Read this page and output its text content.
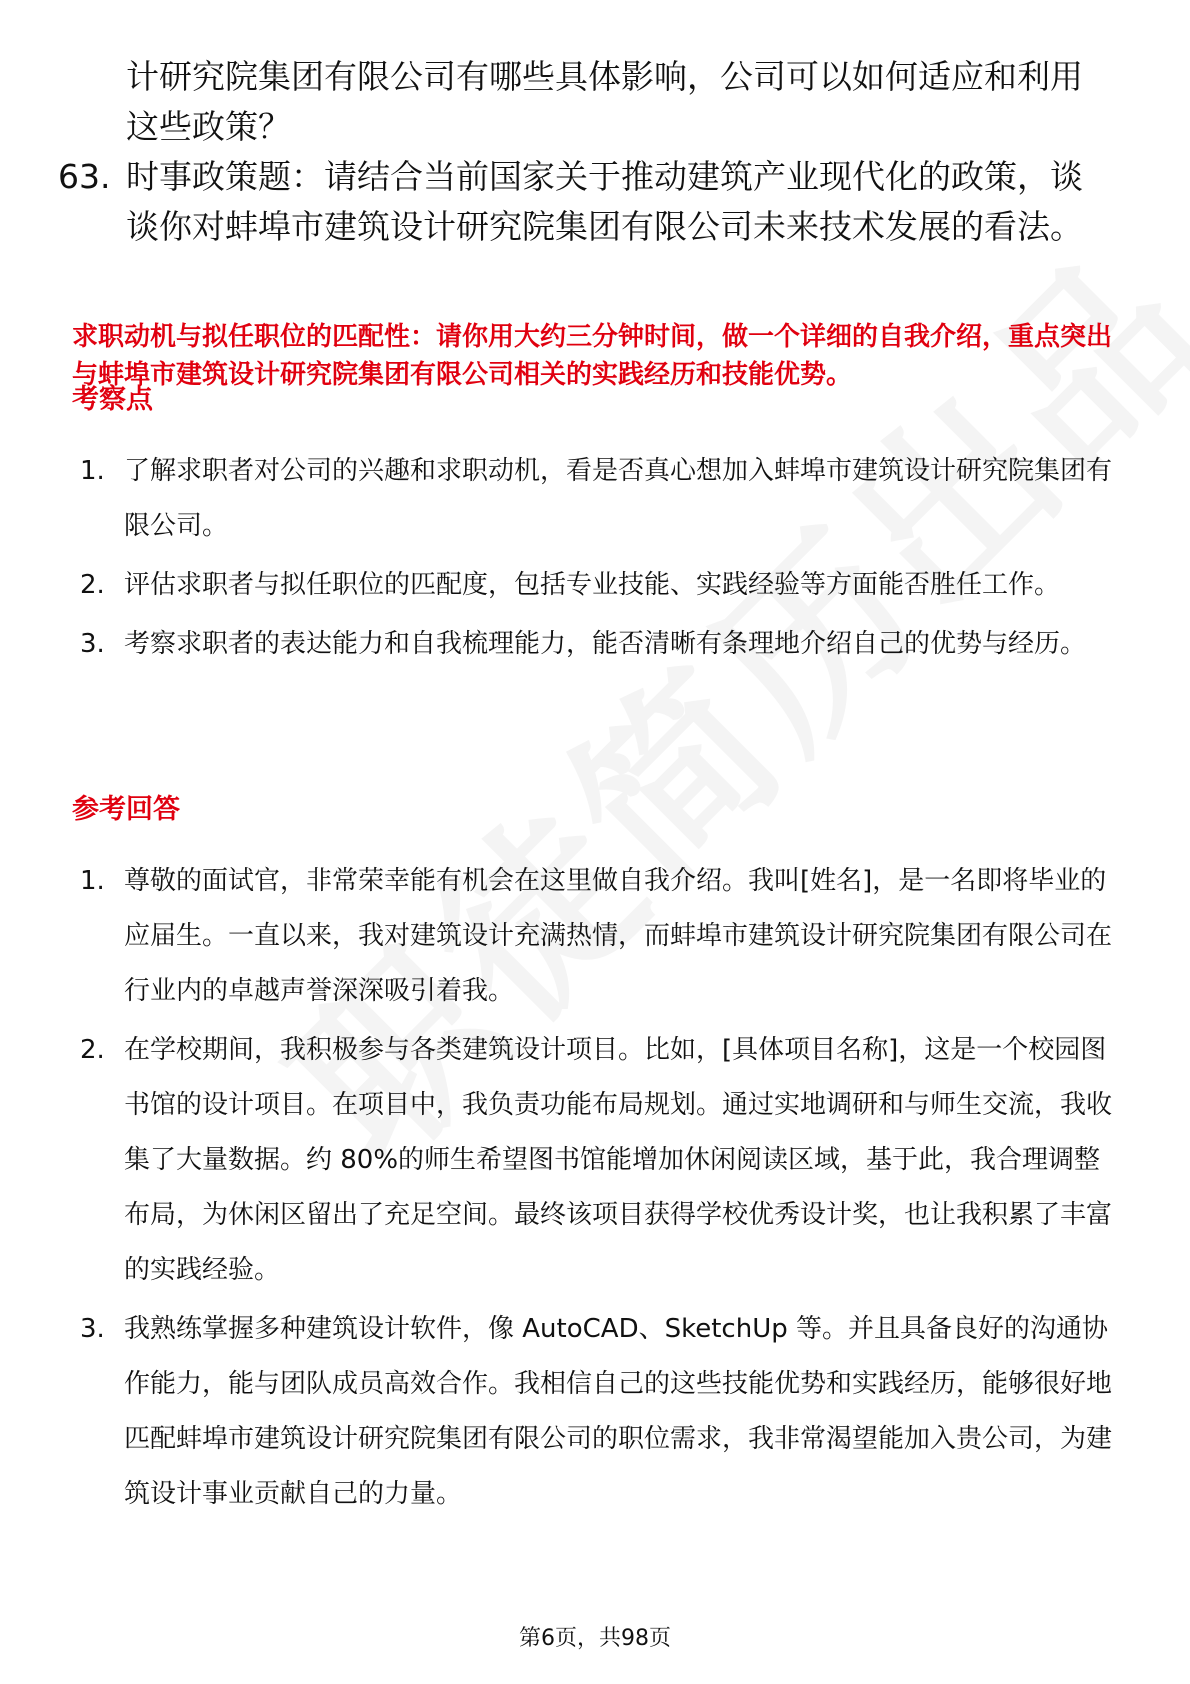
计研究院集团有限公司有哪些具体影响，公司可以如何适应和利用这些政策？

63. 时事政策题：请结合当前国家关于推动建筑产业现代化的政策，谈谈你对蚌埠市建筑设计研究院集团有限公司未来技术发展的看法。

求职动机与拟任职位的匹配性：请你用大约三分钟时间，做一个详细的自我介绍，重点突出与蚌埠市建筑设计研究院集团有限公司相关的实践经历和技能优势。

考察点
1. 了解求职者对公司的兴趣和求职动机，看是否真心想加入蚌埠市建筑设计研究院集团有限公司。
2. 评估求职者与拟任职位的匹配度，包括专业技能、实践经验等方面能否胜任工作。
3. 考察求职者的表达能力和自我梳理能力，能否清晰有条理地介绍自己的优势与经历。
参考回答
1. 尊敬的面试官，非常荣幸能有机会在这里做自我介绍。我叫[姓名]，是一名即将毕业的应届生。一直以来，我对建筑设计充满热情，而蚌埠市建筑设计研究院集团有限公司在行业内的卓越声誉深深吸引着我。
2. 在学校期间，我积极参与各类建筑设计项目。比如，[具体项目名称]，这是一个校园图书馆的设计项目。在项目中，我负责功能布局规划。通过实地调研和与师生交流，我收集了大量数据。约 80%的师生希望图书馆能增加休闲阅读区域，基于此，我合理调整布局，为休闲区留出了充足空间。最终该项目获得学校优秀设计奖，也让我积累了丰富的实践经验。
3. 我熟练掌握多种建筑设计软件，像 AutoCAD、SketchUp 等。并且具备良好的沟通协作能力，能与团队成员高效合作。我相信自己的这些技能优势和实践经历，能够很好地匹配蚌埠市建筑设计研究院集团有限公司的职位需求，我非常渴望能加入贵公司，为建筑设计事业贡献自己的力量。
第6页，共98页
